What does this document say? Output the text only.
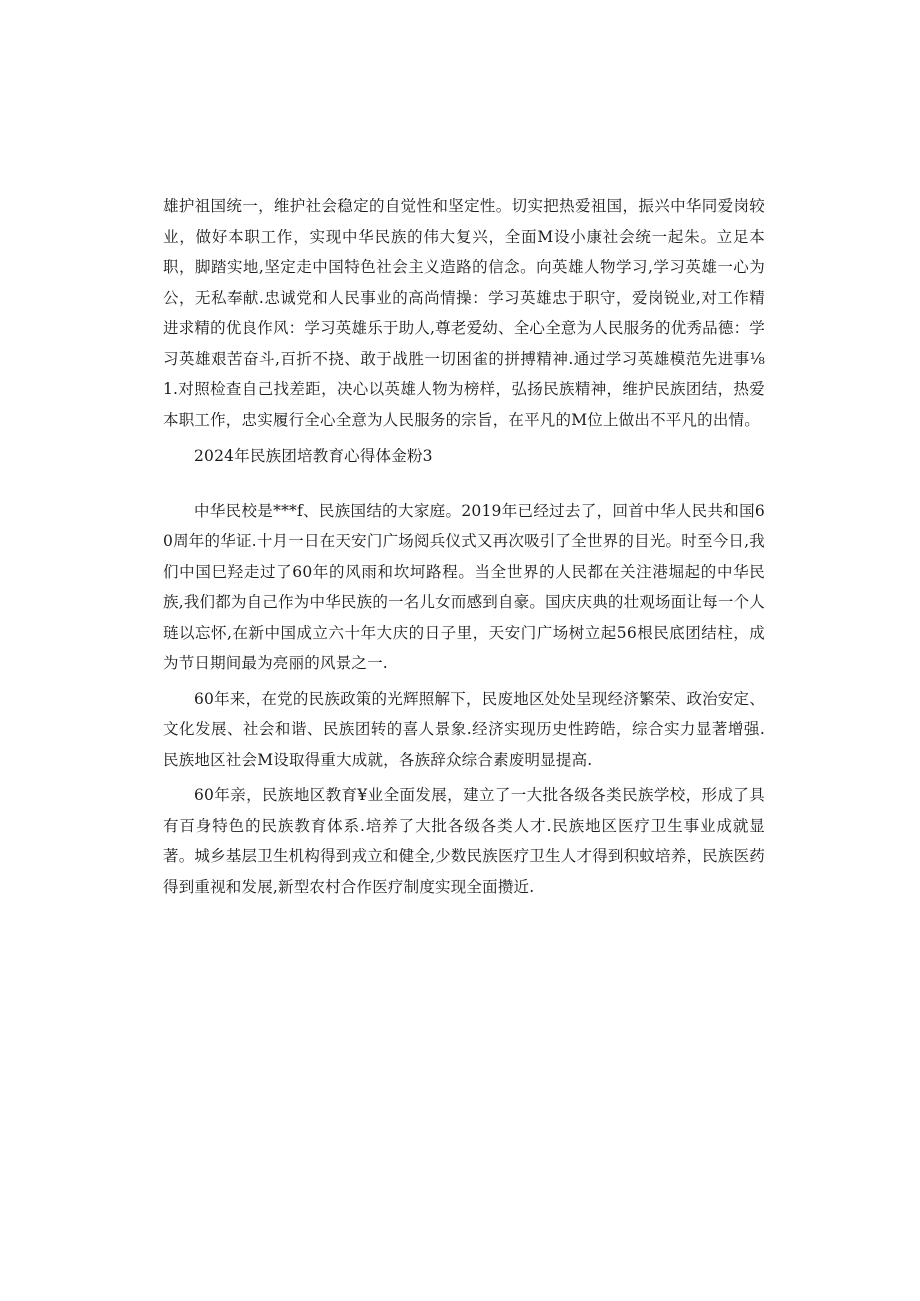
雄护祖国统一，维护社会稳定的自觉性和坚定性。切实把热爱祖国，振兴中华同爱岗较业，做好本职工作，实现中华民族的伟大复兴，全面M设小康社会统一起朱。立足本职，脚踏实地,坚定走中国特色社会主义造路的信念。向英雄人物学习,学习英雄一心为公，无私奉献.忠诚党和人民事业的高尚情操：学习英雄忠于职守，爱岗锐业,对工作精进求精的优良作风：学习英雄乐于助人,尊老爱幼、全心全意为人民服务的优秀品德：学习英雄艰苦奋斗,百折不挠、敢于战胜一切困雀的拼搏精神.通过学习英雄模范先进事⅛1.对照检查自己找差距，决心以英雄人物为榜样，弘扬民族精神，维护民族团结，热爱本职工作，忠实履行全心全意为人民服务的宗旨，在平凡的M位上做出不平凡的出情。

2024年民族团培教育心得体金粉3

中华民校是***f、民族国结的大家庭。2019年已经过去了，回首中华人民共和国60周年的华证.十月一日在天安门广场阅兵仪式又再次吸引了全世界的目光。时至今日,我们中国巳羟走过了60年的风雨和坎坷路程。当全世界的人民都在关注港堀起的中华民族,我们都为自己作为中华民族的一名儿女而感到自豪。国庆庆典的壮观场面让每一个人琏以忘怀,在新中国成立六十年大庆的日子里，天安门广场树立起56根民底团结柱，成为节日期间最为亮丽的风景之一.

60年来，在党的民族政策的光辉照解下，民废地区处处呈现经济繁荣、政治安定、文化发展、社会和谐、民族团转的喜人景象.经济实现历史性跨皓，综合实力显著增强.民族地区社会M设取得重大成就，各族辞众综合素废明显提高.

60年亲，民族地区教育¥业全面发展，建立了一大批各级各类民族学校，形成了具有百身特色的民族教育体系.培养了大批各级各类人才.民族地区医疗卫生事业成就显著。城乡基层卫生机构得到戎立和健全,少数民族医疗卫生人才得到积蚊培养，民族医药得到重视和发展,新型农村合作医疗制度实现全面攒近.
